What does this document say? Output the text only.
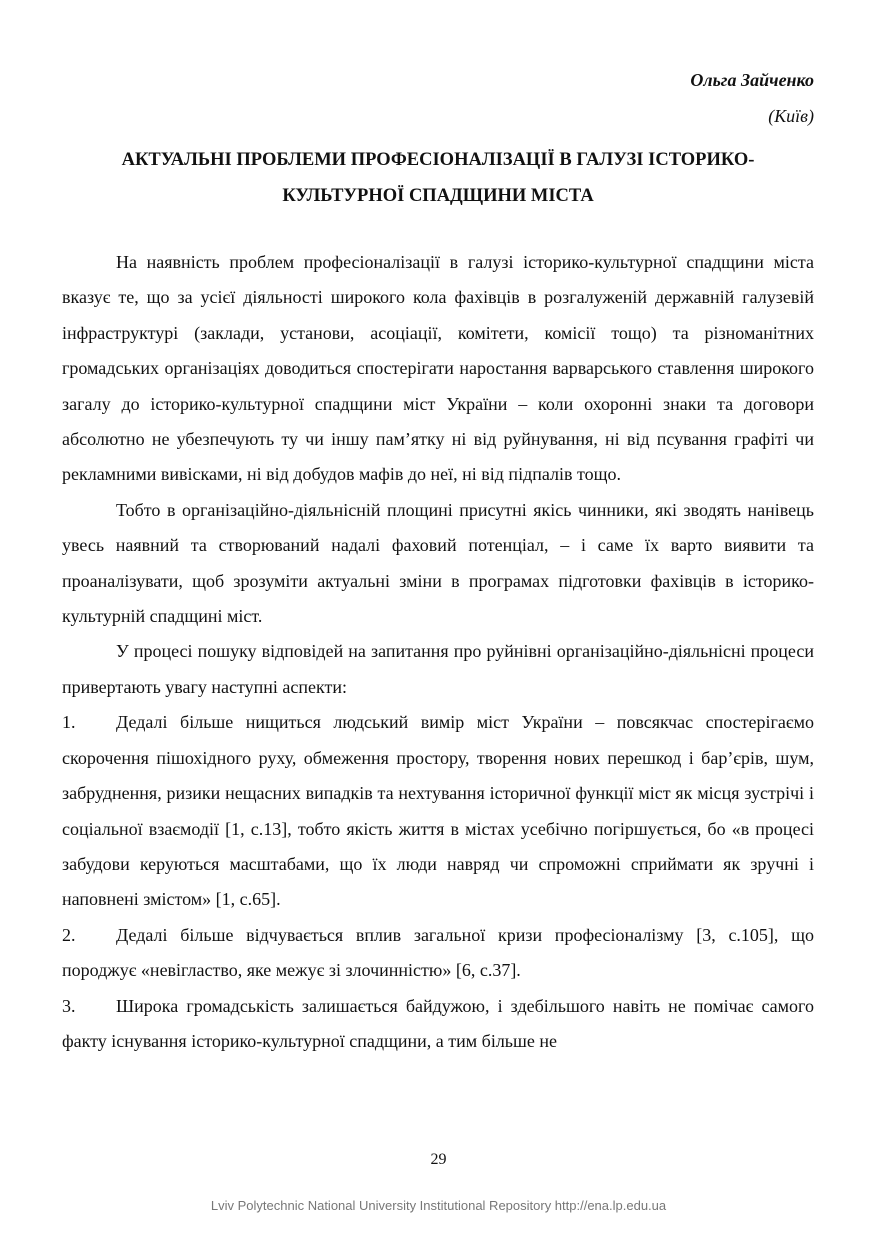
Ольга Зайченко
(Київ)
АКТУАЛЬНІ ПРОБЛЕМИ ПРОФЕСІОНАЛІЗАЦІЇ В ГАЛУЗІ ІСТОРИКО-КУЛЬТУРНОЇ СПАДЩИНИ МІСТА

На наявність проблем професіоналізації в галузі історико-культурної спадщини міста вказує те, що за усієї діяльності широкого кола фахівців в розгалуженій державній галузевій інфраструктурі (заклади, установи, асоціації, комітети, комісії тощо) та різноманітних громадських організаціях доводиться спостерігати наростання варварського ставлення широкого загалу до історико-культурної спадщини міст України – коли охоронні знаки та договори абсолютно не убезпечують ту чи іншу пам’ятку ні від руйнування, ні від псування графіті чи рекламними вивісками, ні від добудов мафів до неї, ні від підпалів тощо.

Тобто в організаційно-діяльнісній площині присутні якісь чинники, які зводять нанівець увесь наявний та створюваний надалі фаховий потенціал, – і саме їх варто виявити та проаналізувати, щоб зрозуміти актуальні зміни в програмах підготовки фахівців в історико-культурній спадщині міст.

У процесі пошуку відповідей на запитання про руйнівні організаційно-діяльнісні процеси привертають увагу наступні аспекти:

1. Дедалі більше нищиться людський вимір міст України – повсякчас спостерігаємо скорочення пішохідного руху, обмеження простору, творення нових перешкод і бар’єрів, шум, забруднення, ризики нещасних випадків та нехтування історичної функції міст як місця зустрічі і соціальної взаємодії [1, с.13], тобто якість життя в містах усебічно погіршується, бо «в процесі забудови керуються масштабами, що їх люди навряд чи спроможні сприймати як зручні і наповнені змістом» [1, с.65].

2. Дедалі більше відчувається вплив загальної кризи професіоналізму [3, с.105], що породжує «невігластво, яке межує зі злочинністю» [6, с.37].

3. Широка громадськість залишається байдужою, і здебільшого навіть не помічає самого факту існування історико-культурної спадщини, а тим більше не

29
Lviv Polytechnic National University Institutional Repository http://ena.lp.edu.ua
